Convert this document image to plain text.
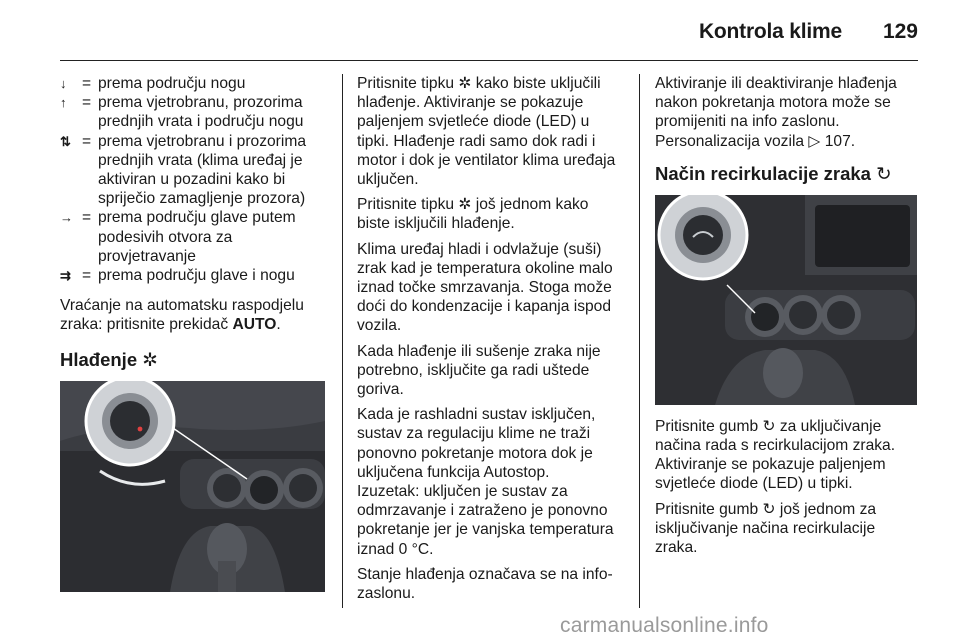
Kontrola klime 129
↓ = prema području nogu
↑ = prema vjetrobranu, prozorima prednjih vrata i području nogu
⇅ = prema vjetrobranu i prozorima prednjih vrata (klima uređaj je aktiviran u pozadini kako bi spriječio zamagljenje prozora)
→ = prema području glave putem podesivih otvora za provjetravanje
⇉ = prema području glave i nogu

Vraćanje na automatsku raspodjelu zraka: pritisnite prekidač AUTO.

Hlađenje ✲

Pritisnite tipku ✲ kako biste uključili hlađenje. Aktiviranje se pokazuje paljenjem svjetleće diode (LED) u tipki. Hlađenje radi samo dok radi i motor i dok je ventilator klima uređaja uključen.

Pritisnite tipku ✲ još jednom kako biste isključili hlađenje.

Klima uređaj hladi i odvlažuje (suši) zrak kad je temperatura okoline malo iznad točke smrzavanja. Stoga može doći do kondenzacije i kapanja ispod vozila.

Kada hlađenje ili sušenje zraka nije potrebno, isključite ga radi uštede goriva.

Kada je rashladni sustav isključen, sustav za regulaciju klime ne traži ponovno pokretanje motora dok je uključena funkcija Autostop.

Izuzetak: uključen je sustav za odmrzavanje i zatraženo je ponovno pokretanje jer je vanjska temperatura iznad 0 °C.

Stanje hlađenja označava se na info-zaslonu.

Aktiviranje ili deaktiviranje hlađenja nakon pokretanja motora može se promijeniti na info zaslonu.

Personalizacija vozila ▷ 107.

Način recirkulacije zraka ↻

Pritisnite gumb ↻ za uključivanje načina rada s recirkulacijom zraka. Aktiviranje se pokazuje paljenjem svjetleće diode (LED) u tipki.

Pritisnite gumb ↻ još jednom za isključivanje načina recirkulacije zraka.

carmanualsonline.info
